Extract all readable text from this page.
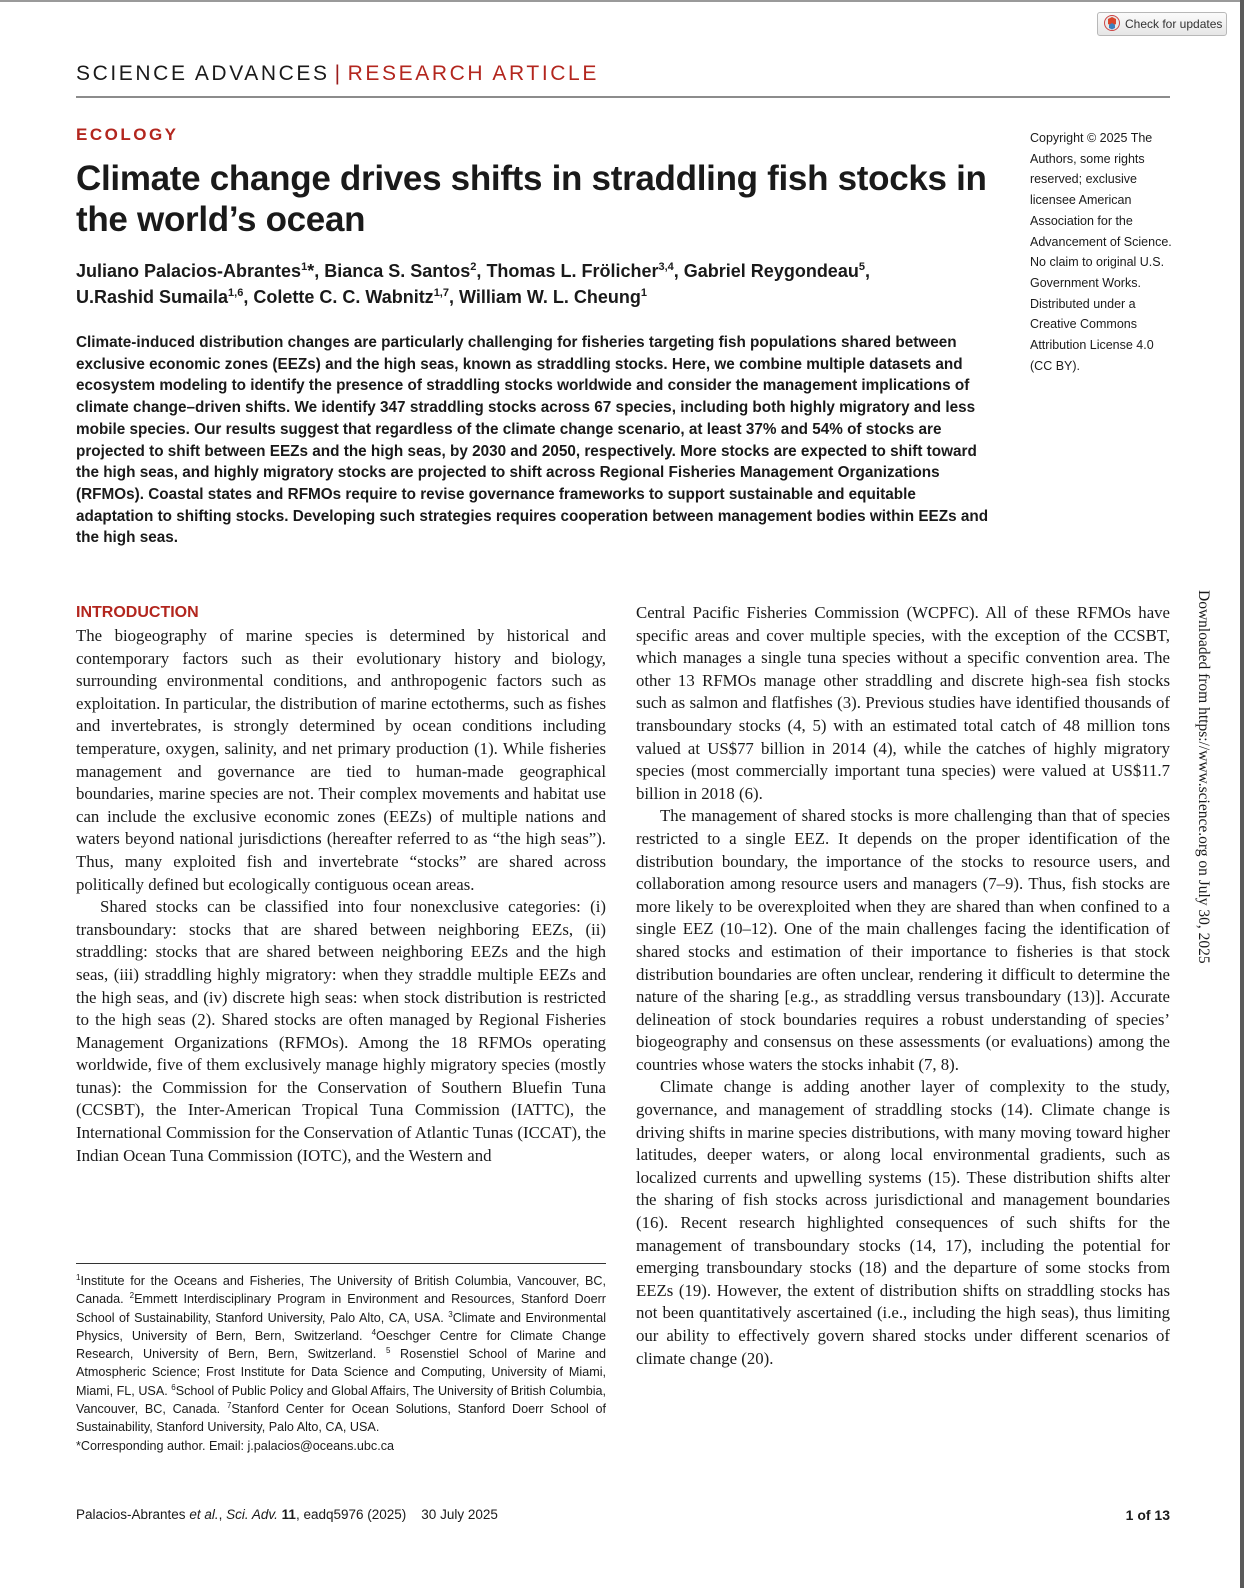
Check for updates
SCIENCE ADVANCES | RESEARCH ARTICLE
ECOLOGY
Climate change drives shifts in straddling fish stocks in the world’s ocean
Juliano Palacios-Abrantes$^1$*, Bianca S. Santos$^2$, Thomas L. Frölicher$^{3,4}$, Gabriel Reygondeau$^5$,
U.Rashid Sumaila$^{1,6}$, Colette C. C. Wabnitz$^{1,7}$, William W. L. Cheung$^1$

Climate-induced distribution changes are particularly challenging for fisheries targeting fish populations shared between exclusive economic zones (EEZs) and the high seas, known as straddling stocks. Here, we combine multiple datasets and ecosystem modeling to identify the presence of straddling stocks worldwide and consider the management implications of climate change–driven shifts. We identify 347 straddling stocks across 67 species, including both highly migratory and less mobile species. Our results suggest that regardless of the climate change scenario, at least 37% and 54% of stocks are projected to shift between EEZs and the high seas, by 2030 and 2050, respectively. More stocks are expected to shift toward the high seas, and highly migratory stocks are projected to shift across Regional Fisheries Management Organizations (RFMOs). Coastal states and RFMOs require to revise governance frameworks to support sustainable and equitable adaptation to shifting stocks. Developing such strategies requires cooperation between management bodies within EEZs and the high seas.

Copyright © 2025 The Authors, some rights reserved; exclusive licensee American Association for the Advancement of Science. No claim to original U.S. Government Works. Distributed under a Creative Commons Attribution License 4.0 (CC BY).

INTRODUCTION

The biogeography of marine species is determined by historical and contemporary factors such as their evolutionary history and biology, surrounding environmental conditions, and anthropogenic factors such as exploitation. In particular, the distribution of marine ectotherms, such as fishes and invertebrates, is strongly determined by ocean conditions including temperature, oxygen, salinity, and net primary production (1). While fisheries management and governance are tied to human-made geographical boundaries, marine species are not. Their complex movements and habitat use can include the exclusive economic zones (EEZs) of multiple nations and waters beyond national jurisdictions (hereafter referred to as “the high seas”). Thus, many exploited fish and invertebrate “stocks” are shared across politically defined but ecologically contiguous ocean areas.

Shared stocks can be classified into four nonexclusive categories: (i) transboundary: stocks that are shared between neighboring EEZs, (ii) straddling: stocks that are shared between neighboring EEZs and the high seas, (iii) straddling highly migratory: when they straddle multiple EEZs and the high seas, and (iv) discrete high seas: when stock distribution is restricted to the high seas (2). Shared stocks are often managed by Regional Fisheries Management Organizations (RFMOs). Among the 18 RFMOs operating worldwide, five of them exclusively manage highly migratory species (mostly tunas): the Commission for the Conservation of Southern Bluefin Tuna (CCSBT), the Inter-American Tropical Tuna Commission (IATTC), the International Commission for the Conservation of Atlantic Tunas (ICCAT), the Indian Ocean Tuna Commission (IOTC), and the Western and

Central Pacific Fisheries Commission (WCPFC). All of these RFMOs have specific areas and cover multiple species, with the exception of the CCSBT, which manages a single tuna species without a specific convention area. The other 13 RFMOs manage other straddling and discrete high-sea fish stocks such as salmon and flatfishes (3). Previous studies have identified thousands of transboundary stocks (4, 5) with an estimated total catch of 48 million tons valued at US$77 billion in 2014 (4), while the catches of highly migratory species (most commercially important tuna species) were valued at US$11.7 billion in 2018 (6).

The management of shared stocks is more challenging than that of species restricted to a single EEZ. It depends on the proper identification of the distribution boundary, the importance of the stocks to resource users, and collaboration among resource users and managers (7–9). Thus, fish stocks are more likely to be overexploited when they are shared than when confined to a single EEZ (10–12). One of the main challenges facing the identification of shared stocks and estimation of their importance to fisheries is that stock distribution boundaries are often unclear, rendering it difficult to determine the nature of the sharing [e.g., as straddling versus transboundary (13)]. Accurate delineation of stock boundaries requires a robust understanding of species’ biogeography and consensus on these assessments (or evaluations) among the countries whose waters the stocks inhabit (7, 8).

Climate change is adding another layer of complexity to the study, governance, and management of straddling stocks (14). Climate change is driving shifts in marine species distributions, with many moving toward higher latitudes, deeper waters, or along local environmental gradients, such as localized currents and upwelling systems (15). These distribution shifts alter the sharing of fish stocks across jurisdictional and management boundaries (16). Recent research highlighted consequences of such shifts for the management of transboundary stocks (14, 17), including the potential for emerging transboundary stocks (18) and the departure of some stocks from EEZs (19). However, the extent of distribution shifts on straddling stocks has not been quantitatively ascertained (i.e., including the high seas), thus limiting our ability to effectively govern shared stocks under different scenarios of climate change (20).

$^1$Institute for the Oceans and Fisheries, The University of British Columbia, Vancouver, BC, Canada. $^2$Emmett Interdisciplinary Program in Environment and Resources, Stanford Doerr School of Sustainability, Stanford University, Palo Alto, CA, USA. $^3$Climate and Environmental Physics, University of Bern, Bern, Switzerland. $^4$Oeschger Centre for Climate Change Research, University of Bern, Bern, Switzerland. $^5$ Rosenstiel School of Marine and Atmospheric Science; Frost Institute for Data Science and Computing, University of Miami, Miami, FL, USA. $^6$School of Public Policy and Global Affairs, The University of British Columbia, Vancouver, BC, Canada. $^7$Stanford Center for Ocean Solutions, Stanford Doerr School of Sustainability, Stanford University, Palo Alto, CA, USA.

*Corresponding author. Email: j.palacios@oceans.ubc.ca

Palacios-Abrantes et al., Sci. Adv. 11, eadq5976 (2025) 30 July 2025	1 of 13
Downloaded from https://www.science.org on July 30, 2025
